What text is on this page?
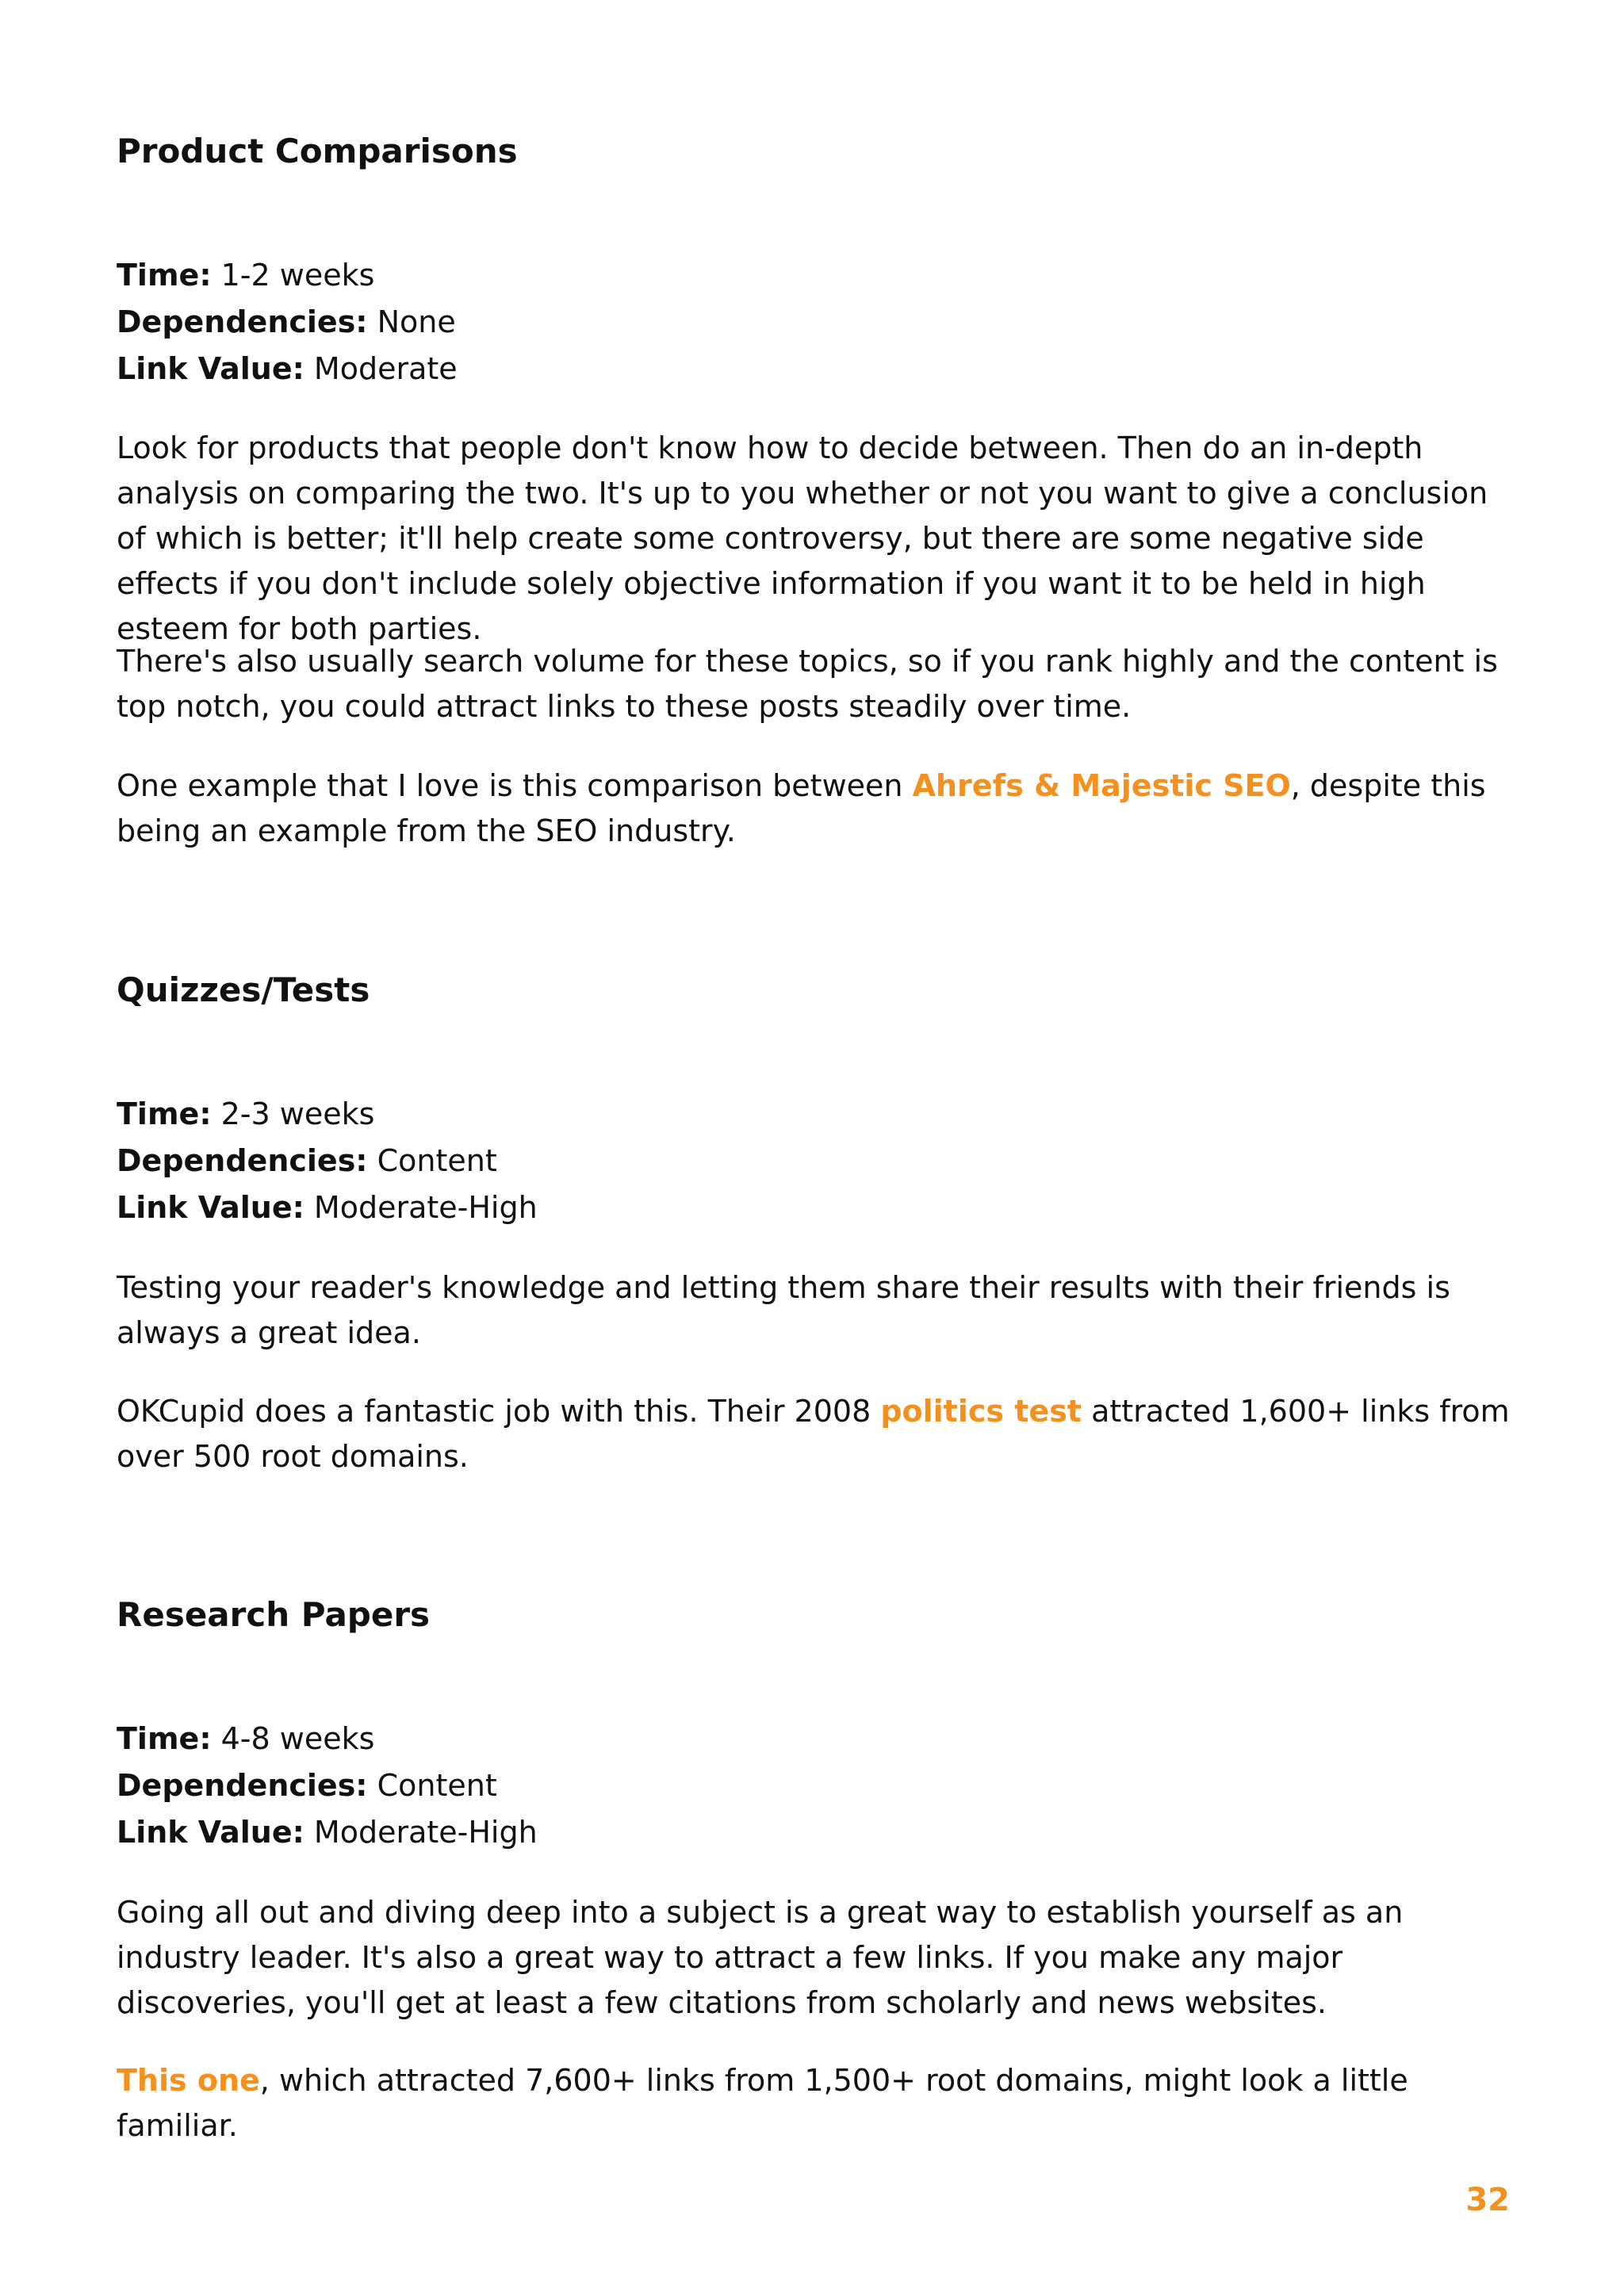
Product Comparisons
Time: 1-2 weeks
Dependencies: None
Link Value: Moderate

Look for products that people don't know how to decide between. Then do an in-depth analysis on comparing the two. It's up to you whether or not you want to give a conclusion of which is better; it'll help create some controversy, but there are some negative side effects if you don't include solely objective information if you want it to be held in high esteem for both parties.

There's also usually search volume for these topics, so if you rank highly and the content is top notch, you could attract links to these posts steadily over time.

One example that I love is this comparison between Ahrefs & Majestic SEO, despite this being an example from the SEO industry.

Quizzes/Tests
Time: 2-3 weeks
Dependencies: Content
Link Value: Moderate-High

Testing your reader's knowledge and letting them share their results with their friends is always a great idea.

OKCupid does a fantastic job with this. Their 2008 politics test attracted 1,600+ links from over 500 root domains.

Research Papers
Time: 4-8 weeks
Dependencies: Content
Link Value: Moderate-High

Going all out and diving deep into a subject is a great way to establish yourself as an industry leader. It's also a great way to attract a few links. If you make any major discoveries, you'll get at least a few citations from scholarly and news websites.

This one, which attracted 7,600+ links from 1,500+ root domains, might look a little familiar.

32
